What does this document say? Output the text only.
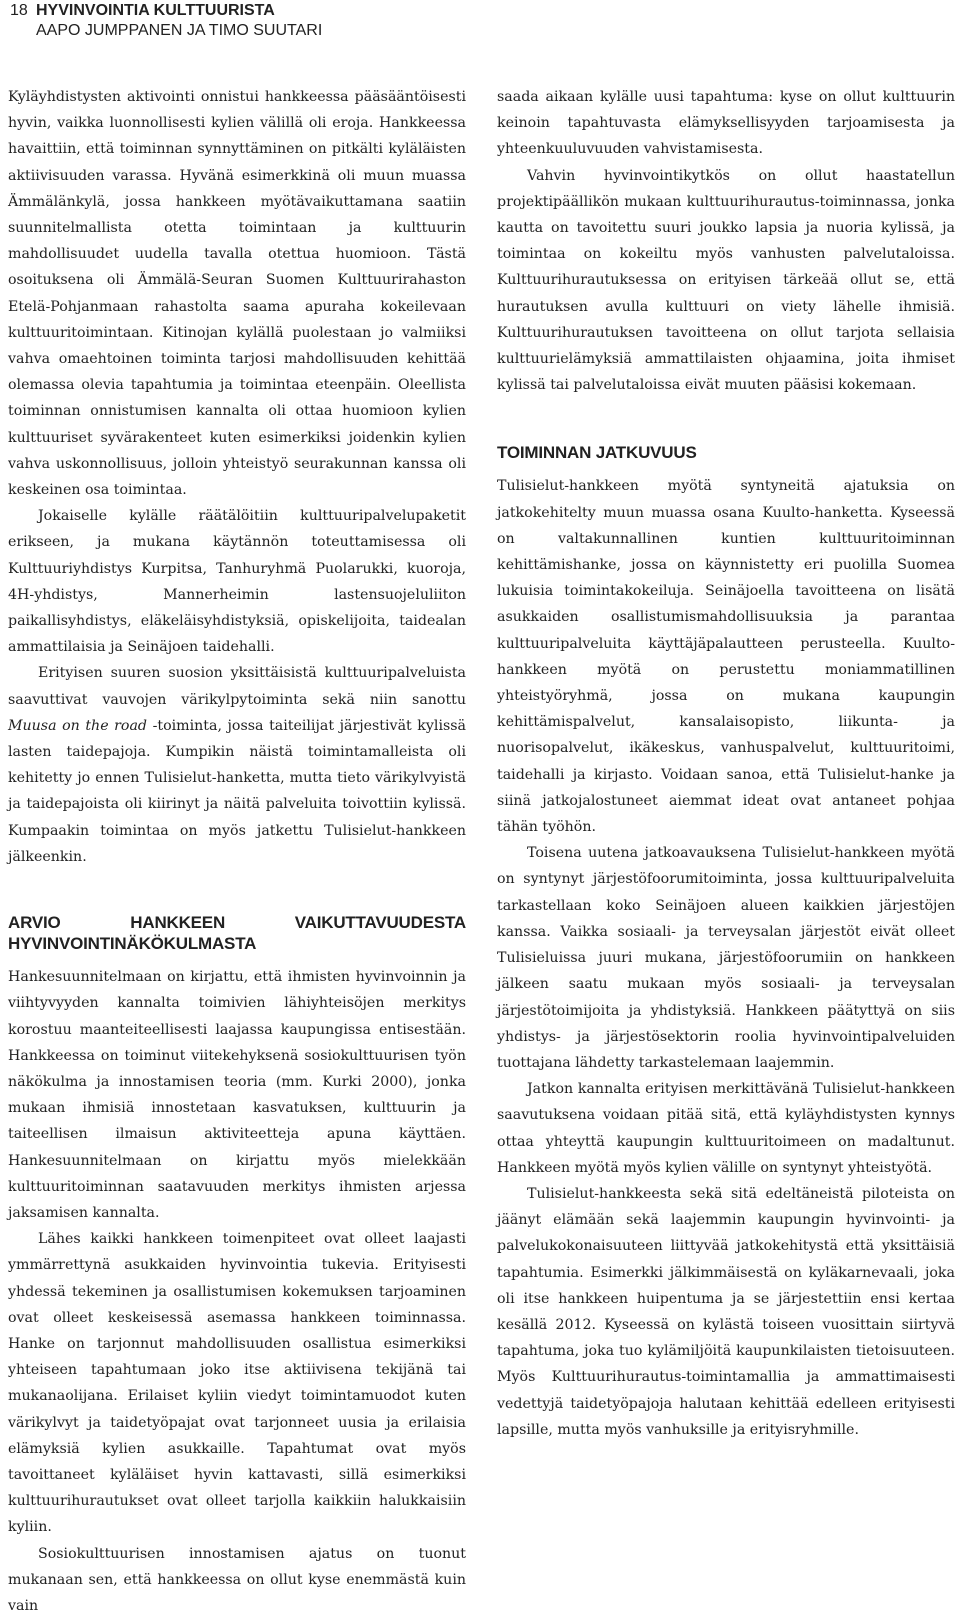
18 HYVINVOINTIA KULTTUURISTA
AAPO JUMPPANEN JA TIMO SUUTARI

Kyläyhdistysten aktivointi onnistui hankkeessa pääsääntöisesti hyvin, vaikka luonnollisesti kylien välillä oli eroja. Hankkeessa havaittiin, että toiminnan synnyttäminen on pitkälti kyläläisten aktiivisuuden varassa. Hyvänä esimerkkinä oli muun muassa Ämmälänkylä, jossa hankkeen myötävaikuttamana saatiin suunnitelmallista otetta toimintaan ja kulttuurin mahdollisuudet uudella tavalla otettua huomioon. Tästä osoituksena oli Ämmälä-Seuran Suomen Kulttuurirahaston Etelä-Pohjanmaan rahastolta saama apuraha kokeilevaan kulttuuritoimintaan. Kitinojan kylällä puolestaan jo valmiiksi vahva omaehtoinen toiminta tarjosi mahdollisuuden kehittää olemassa olevia tapahtumia ja toimintaa eteenpäin. Oleellista toiminnan onnistumisen kannalta oli ottaa huomioon kylien kulttuuriset syvärakenteet kuten esimerkiksi joidenkin kylien vahva uskonnollisuus, jolloin yhteistyö seurakunnan kanssa oli keskeinen osa toimintaa.

Jokaiselle kylälle räätälöitiin kulttuuripalvelupaketit erikseen, ja mukana käytännön toteuttamisessa oli Kulttuuriyhdistys Kurpitsa, Tanhuryhmä Puolarukki, kuoroja, 4H-yhdistys, Mannerheimin lastensuojeluliiton paikallisyhdistys, eläkeläisyhdistyksiä, opiskelijoita, taidealan ammattilaisia ja Seinäjoen taidehalli.

Erityisen suuren suosion yksittäisistä kulttuuripalveluista saavuttivat vauvojen värikylpytoiminta sekä niin sanottu Muusa on the road -toiminta, jossa taiteilijat järjestivät kylissä lasten taidepajoja. Kumpikin näistä toimintamalleista oli kehitetty jo ennen Tulisielut-hanketta, mutta tieto värikylvyistä ja taidepajoista oli kiirinyt ja näitä palveluita toivottiin kylissä. Kumpaakin toimintaa on myös jatkettu Tulisielut-hankkeen jälkeenkin.

ARVIO HANKKEEN VAIKUTTAVUUDESTA HYVINVOINTINÄKÖKULMASTA

Hankesuunnitelmaan on kirjattu, että ihmisten hyvinvoinnin ja viihtyvyyden kannalta toimivien lähiyhteisöjen merkitys korostuu maanteiteellisesti laajassa kaupungissa entisestään. Hankkeessa on toiminut viitekehyksenä sosiokulttuurisen työn näkökulma ja innostamisen teoria (mm. Kurki 2000), jonka mukaan ihmisiä innostetaan kasvatuksen, kulttuurin ja taiteellisen ilmaisun aktiviteetteja apuna käyttäen. Hankesuunnitelmaan on kirjattu myös mielekkään kulttuuritoiminnan saatavuuden merkitys ihmisten arjessa jaksamisen kannalta.

Lähes kaikki hankkeen toimenpiteet ovat olleet laajasti ymmärrettynä asukkaiden hyvinvointia tukevia. Erityisesti yhdessä tekeminen ja osallistumisen kokemuksen tarjoaminen ovat olleet keskeisessä asemassa hankkeen toiminnassa. Hanke on tarjonnut mahdollisuuden osallistua esimerkiksi yhteiseen tapahtumaan joko itse aktiivisena tekijänä tai mukanaolijana. Erilaiset kyliin viedyt toimintamuodot kuten värikylvyt ja taidetyöpajat ovat tarjonneet uusia ja erilaisia elämyksiä kylien asukkaille. Tapahtumat ovat myös tavoittaneet kyläläiset hyvin kattavasti, sillä esimerkiksi kulttuurihurautukset ovat olleet tarjolla kaikkiin halukkaisiin kyliin.

Sosiokulttuurisen innostamisen ajatus on tuonut mukanaan sen, että hankkeessa on ollut kyse enemmästä kuin vain

saada aikaan kylälle uusi tapahtuma: kyse on ollut kulttuurin keinoin tapahtuvasta elämyksellisyyden tarjoamisesta ja yhteenkuuluvuuden vahvistamisesta.

Vahvin hyvinvointikytkös on ollut haastatellun projektipäällikön mukaan kulttuurihurautus-toiminnassa, jonka kautta on tavoitettu suuri joukko lapsia ja nuoria kylissä, ja toimintaa on kokeiltu myös vanhusten palvelutaloissa. Kulttuurihurautuksessa on erityisen tärkeää ollut se, että hurautuksen avulla kulttuuri on viety lähelle ihmisiä. Kulttuurihurautuksen tavoitteena on ollut tarjota sellaisia kulttuurielämyksiä ammattilaisten ohjaamina, joita ihmiset kylissä tai palvelutaloissa eivät muuten pääsisi kokemaan.

TOIMINNAN JATKUVUUS

Tulisielut-hankkeen myötä syntyneitä ajatuksia on jatkokehitelty muun muassa osana Kuulto-hanketta. Kyseessä on valtakunnallinen kuntien kulttuuritoiminnan kehittämishanke, jossa on käynnistetty eri puolilla Suomea lukuisia toimintakokeiluja. Seinäjoella tavoitteena on lisätä asukkaiden osallistumismahdollisuuksia ja parantaa kulttuuripalveluita käyttäjäpalautteen perusteella. Kuulto-hankkeen myötä on perustettu moniammatillinen yhteistyöryhmä, jossa on mukana kaupungin kehittämispalvelut, kansalaisopisto, liikunta- ja nuorisopalvelut, ikäkeskus, vanhuspalvelut, kulttuuritoimi, taidehalli ja kirjasto. Voidaan sanoa, että Tulisielut-hanke ja siinä jatkojalostuneet aiemmat ideat ovat antaneet pohjaa tähän työhön.

Toisena uutena jatkoavauksena Tulisielut-hankkeen myötä on syntynyt järjestöfoorumitoiminta, jossa kulttuuripalveluita tarkastellaan koko Seinäjoen alueen kaikkien järjestöjen kanssa. Vaikka sosiaali- ja terveysalan järjestöt eivät olleet Tulisieluissa juuri mukana, järjestöfoorumiin on hankkeen jälkeen saatu mukaan myös sosiaali- ja terveysalan järjestötoimijoita ja yhdistyksiä. Hankkeen päätyttyä on siis yhdistys- ja järjestösektorin roolia hyvinvointipalveluiden tuottajana lähdetty tarkastelemaan laajemmin.

Jatkon kannalta erityisen merkittävänä Tulisielut-hankkeen saavutuksena voidaan pitää sitä, että kyläyhdistysten kynnys ottaa yhteyttä kaupungin kulttuuritoimeen on madaltunut. Hankkeen myötä myös kylien välille on syntynyt yhteistyötä.

Tulisielut-hankkeesta sekä sitä edeltäneistä piloteista on jäänyt elämään sekä laajemmin kaupungin hyvinvointi- ja palvelukokonaisuuteen liittyvää jatkokehitystä että yksittäisiä tapahtumia. Esimerkki jälkimmäisestä on kyläkarnevaali, joka oli itse hankkeen huipentuma ja se järjestettiin ensi kertaa kesällä 2012. Kyseessä on kylästä toiseen vuosittain siirtyvä tapahtuma, joka tuo kylämiljöitä kaupunkilaisten tietoisuuteen. Myös Kulttuurihurautus-toimintamallia ja ammattimaisesti vedettyjä taidetyöpajoja halutaan kehittää edelleen erityisesti lapsille, mutta myös vanhuksille ja erityisryhmille.
